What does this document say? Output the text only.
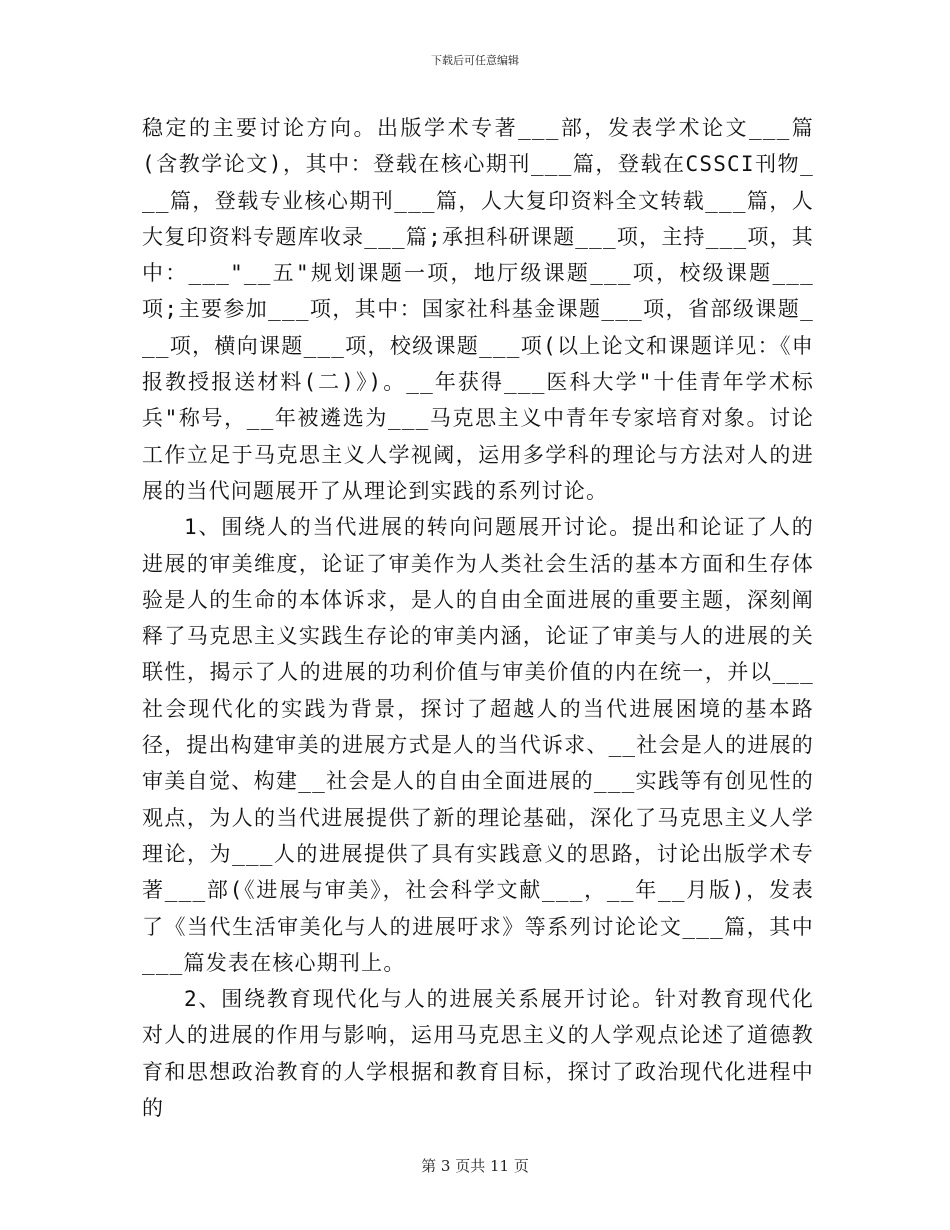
下载后可任意编辑

稳定的主要讨论方向。出版学术专著___部，发表学术论文___篇(含教学论文)，其中：登载在核心期刊___篇，登载在CSSCI刊物___篇，登载专业核心期刊___篇，人大复印资料全文转载___篇，人大复印资料专题库收录___篇;承担科研课题___项，主持___项，其中：___"__五"规划课题一项，地厅级课题___项，校级课题___项;主要参加___项，其中：国家社科基金课题___项，省部级课题___项，横向课题___项，校级课题___项(以上论文和课题详见：《申报教授报送材料(二)》)。__年获得___医科大学"十佳青年学术标兵"称号，__年被遴选为___马克思主义中青年专家培育对象。讨论工作立足于马克思主义人学视阈，运用多学科的理论与方法对人的进展的当代问题展开了从理论到实践的系列讨论。

1、围绕人的当代进展的转向问题展开讨论。提出和论证了人的进展的审美维度，论证了审美作为人类社会生活的基本方面和生存体验是人的生命的本体诉求，是人的自由全面进展的重要主题，深刻阐释了马克思主义实践生存论的审美内涵，论证了审美与人的进展的关联性，揭示了人的进展的功利价值与审美价值的内在统一，并以___社会现代化的实践为背景，探讨了超越人的当代进展困境的基本路径，提出构建审美的进展方式是人的当代诉求、__社会是人的进展的审美自觉、构建__社会是人的自由全面进展的___实践等有创见性的观点，为人的当代进展提供了新的理论基础，深化了马克思主义人学理论，为___人的进展提供了具有实践意义的思路，讨论出版学术专著___部(《进展与审美》，社会科学文献___，__年__月版)，发表了《当代生活审美化与人的进展吁求》等系列讨论论文___篇，其中___篇发表在核心期刊上。

2、围绕教育现代化与人的进展关系展开讨论。针对教育现代化对人的进展的作用与影响，运用马克思主义的人学观点论述了道德教育和思想政治教育的人学根据和教育目标，探讨了政治现代化进程中的

第 3 页共 11 页
